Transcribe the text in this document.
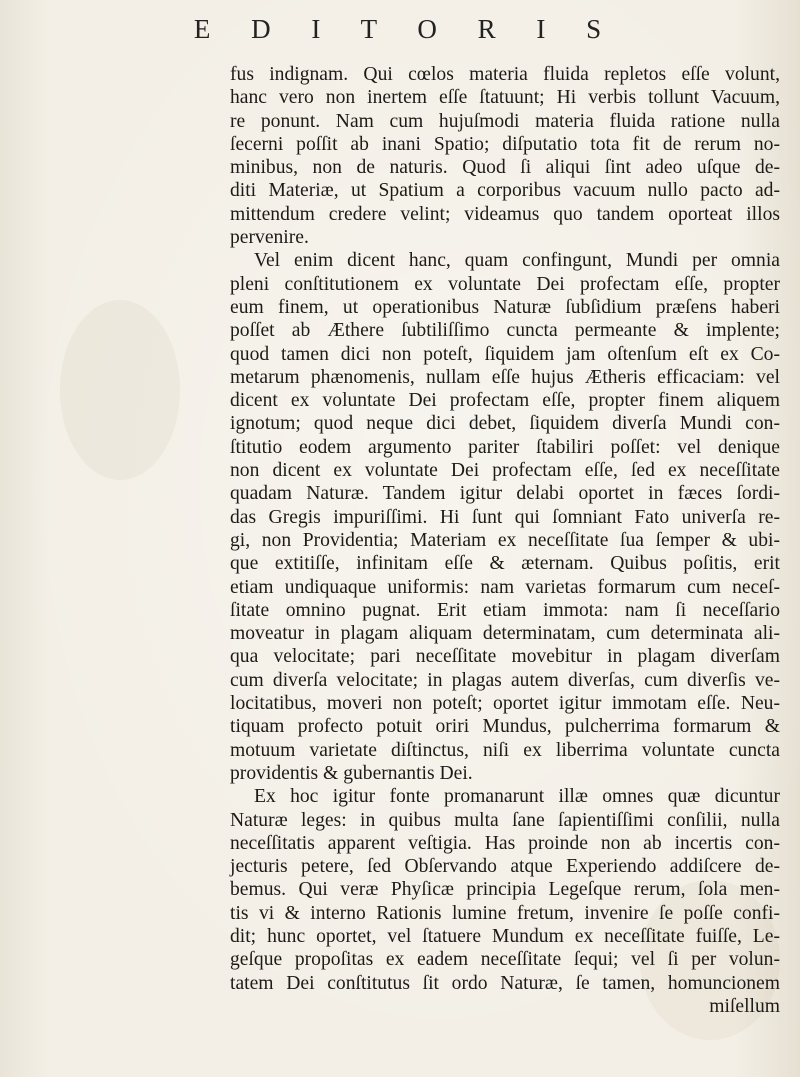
E D I T O R I S
fus indignam. Qui cœlos materia fluida repletos eſſe volunt,
hanc vero non inertem eſſe ſtatuunt; Hi verbis tollunt Vacuum,
re ponunt. Nam cum hujuſmodi materia fluida ratione nulla
ſecerni poſſit ab inani Spatio; diſputatio tota fit de rerum no-
minibus, non de naturis. Quod ſi aliqui ſint adeo uſque de-
diti Materiæ, ut Spatium a corporibus vacuum nullo pacto ad-
mittendum credere velint; videamus quo tandem oporteat illos
pervenire.
Vel enim dicent hanc, quam confingunt, Mundi per omnia
pleni conſtitutionem ex voluntate Dei profectam eſſe, propter
eum finem, ut operationibus Naturæ ſubſidium præſens haberi
poſſet ab Æthere ſubtiliſſimo cuncta permeante & implente;
quod tamen dici non poteſt, ſiquidem jam oſtenſum eſt ex Co-
metarum phænomenis, nullam eſſe hujus Ætheris efficaciam: vel
dicent ex voluntate Dei profectam eſſe, propter finem aliquem
ignotum; quod neque dici debet, ſiquidem diverſa Mundi con-
ſtitutio eodem argumento pariter ſtabiliri poſſet: vel denique
non dicent ex voluntate Dei profectam eſſe, ſed ex neceſſitate
quadam Naturæ. Tandem igitur delabi oportet in fæces ſordi-
das Gregis impuriſſimi. Hi ſunt qui ſomniant Fato univerſa re-
gi, non Providentia; Materiam ex neceſſitate ſua ſemper & ubi-
que extitiſſe, infinitam eſſe & æternam. Quibus poſitis, erit
etiam undiquaque uniformis: nam varietas formarum cum neceſ-
ſitate omnino pugnat. Erit etiam immota: nam ſi neceſſario
moveatur in plagam aliquam determinatam, cum determinata ali-
qua velocitate; pari neceſſitate movebitur in plagam diverſam
cum diverſa velocitate; in plagas autem diverſas, cum diverſis ve-
locitatibus, moveri non poteſt; oportet igitur immotam eſſe. Neu-
tiquam profecto potuit oriri Mundus, pulcherrima formarum &
motuum varietate diſtinctus, niſi ex liberrima voluntate cuncta
providentis & gubernantis Dei.
Ex hoc igitur fonte promanarunt illæ omnes quæ dicuntur
Naturæ leges: in quibus multa ſane ſapientiſſimi conſilii, nulla
neceſſitatis apparent veſtigia. Has proinde non ab incertis con-
jecturis petere, ſed Obſervando atque Experiendo addiſcere de-
bemus. Qui veræ Phyſicæ principia Legeſque rerum, ſola men-
tis vi & interno Rationis lumine fretum, invenire ſe poſſe confi-
dit; hunc oportet, vel ſtatuere Mundum ex neceſſitate fuiſſe, Le-
geſque propoſitas ex eadem neceſſitate ſequi; vel ſi per volun-
tatem Dei conſtitutus ſit ordo Naturæ, ſe tamen, homuncionem
miſellum
